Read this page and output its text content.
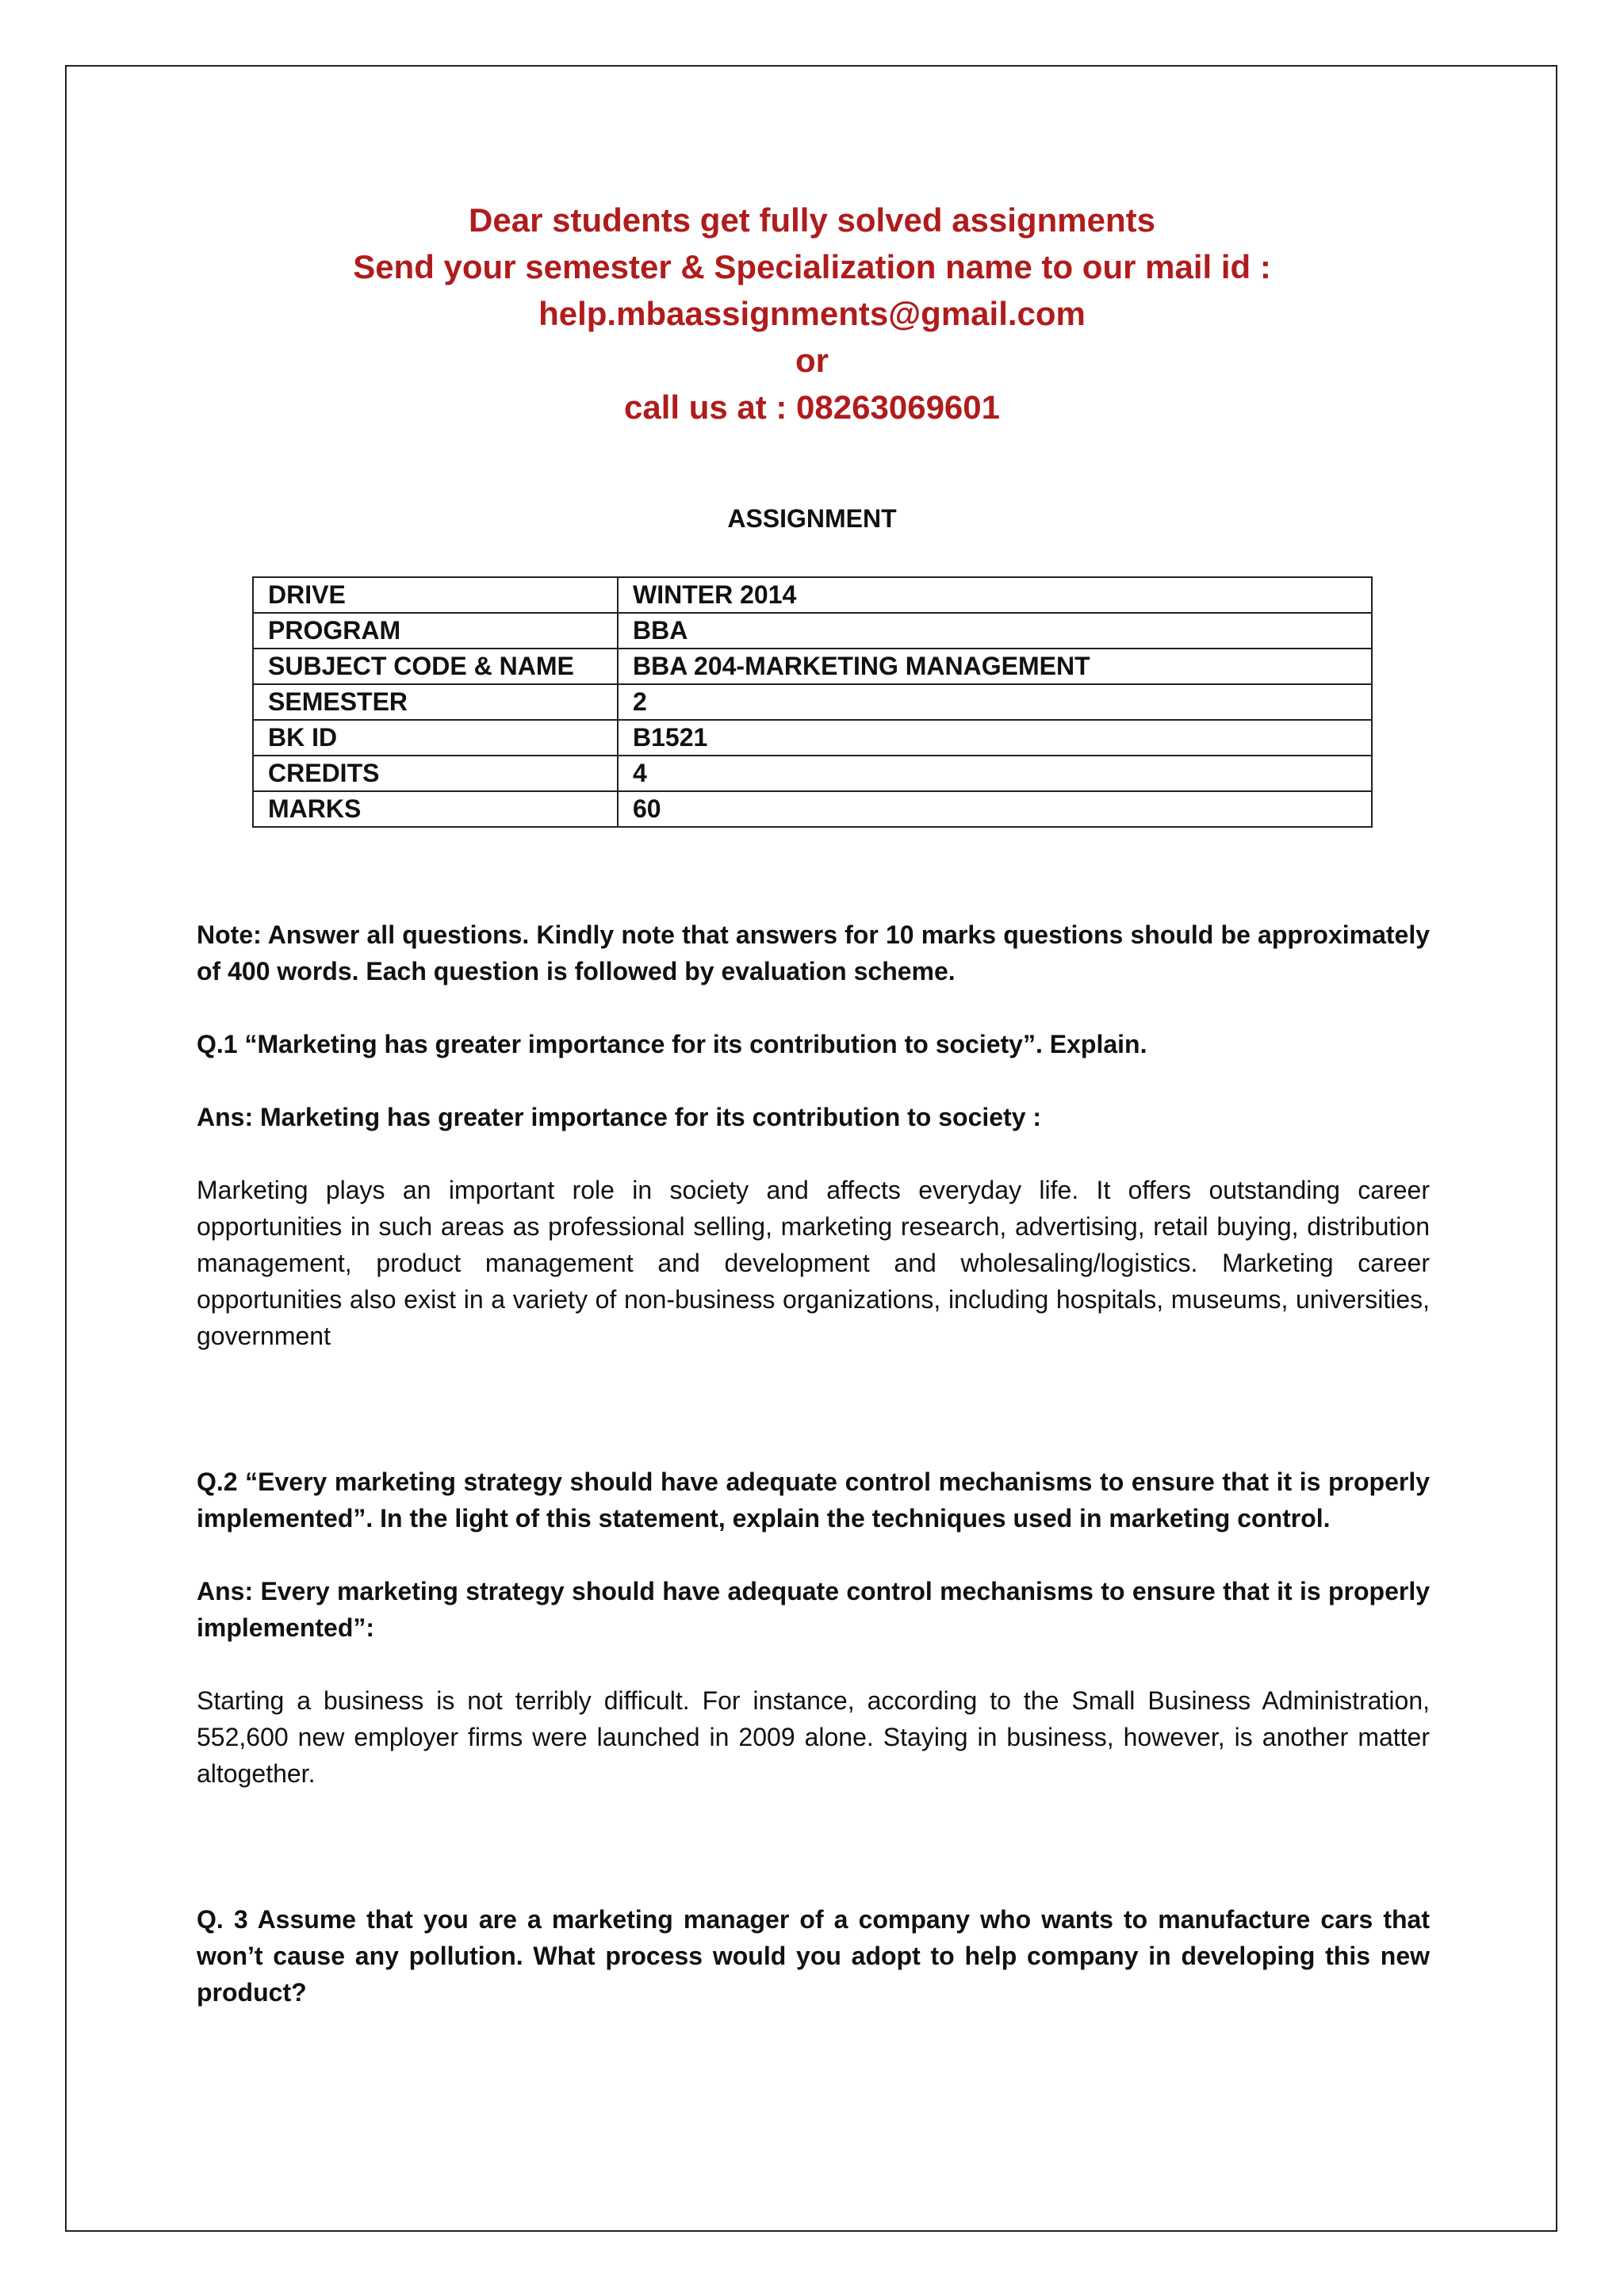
Dear students get fully solved assignments
Send your semester & Specialization name to our mail id :
help.mbaassignments@gmail.com
or
call us at : 08263069601
ASSIGNMENT
DRIVE	WINTER 2014
PROGRAM	BBA
SUBJECT CODE & NAME	BBA 204-MARKETING MANAGEMENT
SEMESTER	2
BK ID	B1521
CREDITS	4
MARKS	60

Note: Answer all questions. Kindly note that answers for 10 marks questions should be approximately of 400 words. Each question is followed by evaluation scheme.

Q.1 “Marketing has greater importance for its contribution to society”. Explain.

Ans: Marketing has greater importance for its contribution to society :

Marketing plays an important role in society and affects everyday life. It offers outstanding career opportunities in such areas as professional selling, marketing research, advertising, retail buying, distribution management, product management and development and wholesaling/logistics. Marketing career opportunities also exist in a variety of non-business organizations, including hospitals, museums, universities, government

Q.2 “Every marketing strategy should have adequate control mechanisms to ensure that it is properly implemented”. In the light of this statement, explain the techniques used in marketing control.

Ans: Every marketing strategy should have adequate control mechanisms to ensure that it is properly implemented”:

Starting a business is not terribly difficult. For instance, according to the Small Business Administration, 552,600 new employer firms were launched in 2009 alone. Staying in business, however, is another matter altogether.

Q. 3 Assume that you are a marketing manager of a company who wants to manufacture cars that won’t cause any pollution. What process would you adopt to help company in developing this new product?
